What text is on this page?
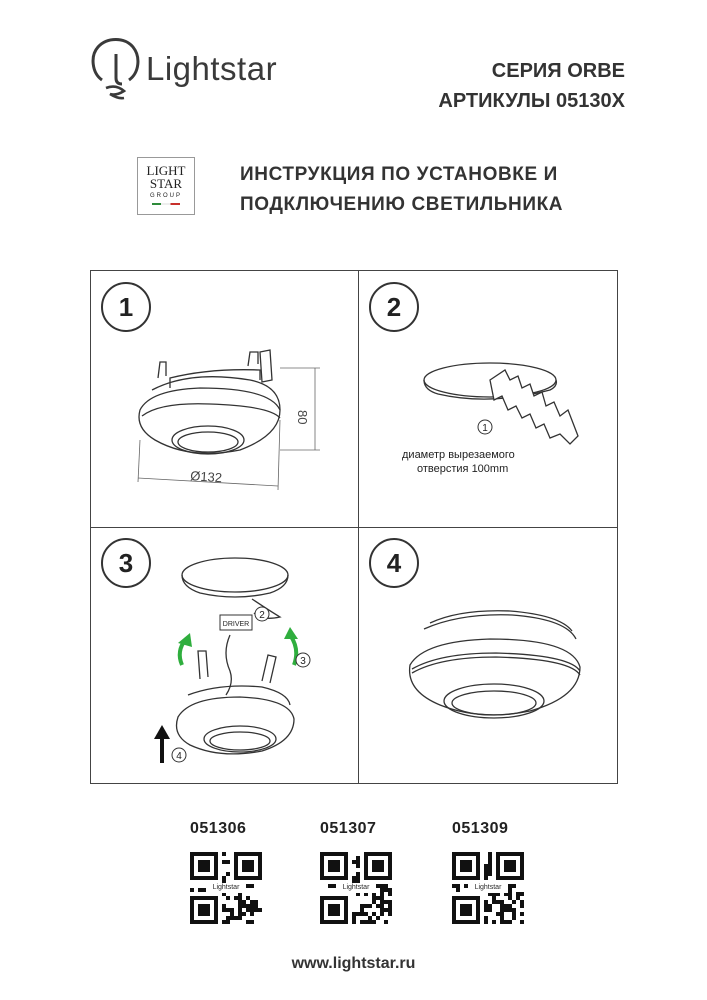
Lightstar	СЕРИЯ ORBE
АРТИКУЛЫ 05130X
LIGHT
STAR
GROUP
ИНСТРУКЦИЯ ПО УСТАНОВКЕ И
ПОДКЛЮЧЕНИЮ СВЕТИЛЬНИКА
1	2
3	4
80
Ø132
1
диаметр вырезаемого
отверстия 100mm
DRIVER
2
3
4
051306	051307	051309
Lightstar	Lightstar	Lightstar
www.lightstar.ru
